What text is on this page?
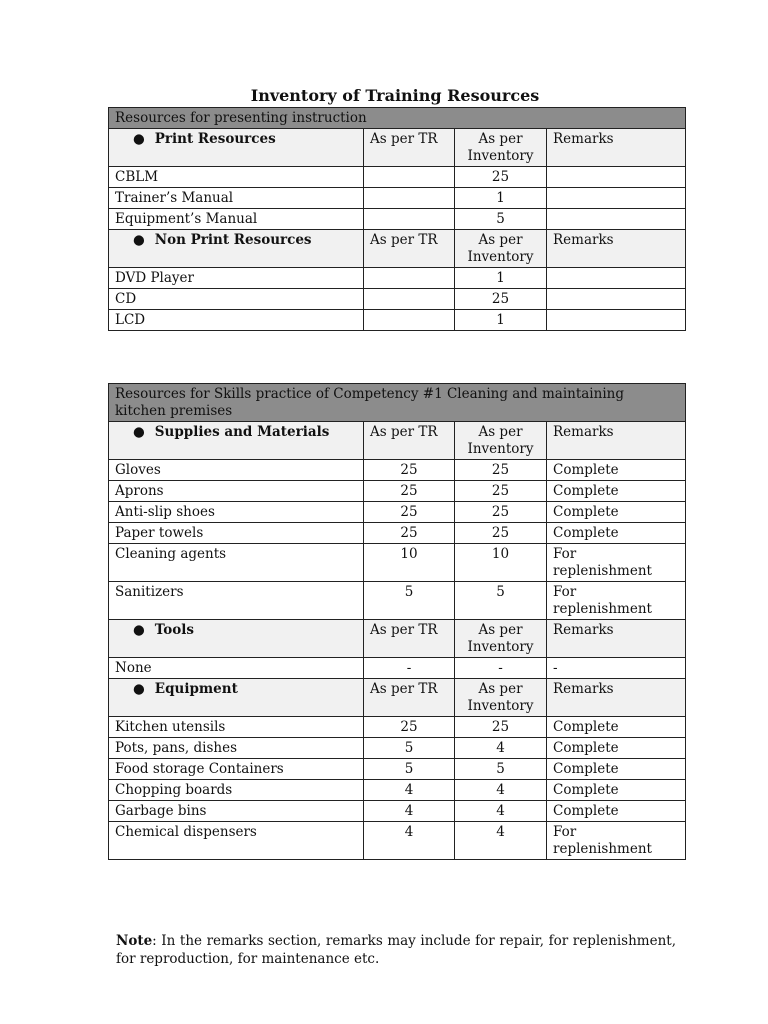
Inventory of Training Resources
Resources for presenting instruction			
● Print Resources	As per TR	As per Inventory	Remarks
CBLM		25	
Trainer’s Manual		1	
Equipment’s Manual		5	
● Non Print Resources	As per TR	As per Inventory	Remarks
DVD Player		1	
CD		25	
LCD		1	
Resources for Skills practice of Competency #1 Cleaning and maintaining kitchen premises			
● Supplies and Materials	As per TR	As per Inventory	Remarks
Gloves	25	25	Complete
Aprons	25	25	Complete
Anti-slip shoes	25	25	Complete
Paper towels	25	25	Complete
Cleaning agents	10	10	For replenishment
Sanitizers	5	5	For replenishment
● Tools	As per TR	As per Inventory	Remarks
None	-	-	-
● Equipment	As per TR	As per Inventory	Remarks
Kitchen utensils	25	25	Complete
Pots, pans, dishes	5	4	Complete
Food storage Containers	5	5	Complete
Chopping boards	4	4	Complete
Garbage bins	4	4	Complete
Chemical dispensers	4	4	For replenishment
Note: In the remarks section, remarks may include for repair, for replenishment, for reproduction, for maintenance etc.
